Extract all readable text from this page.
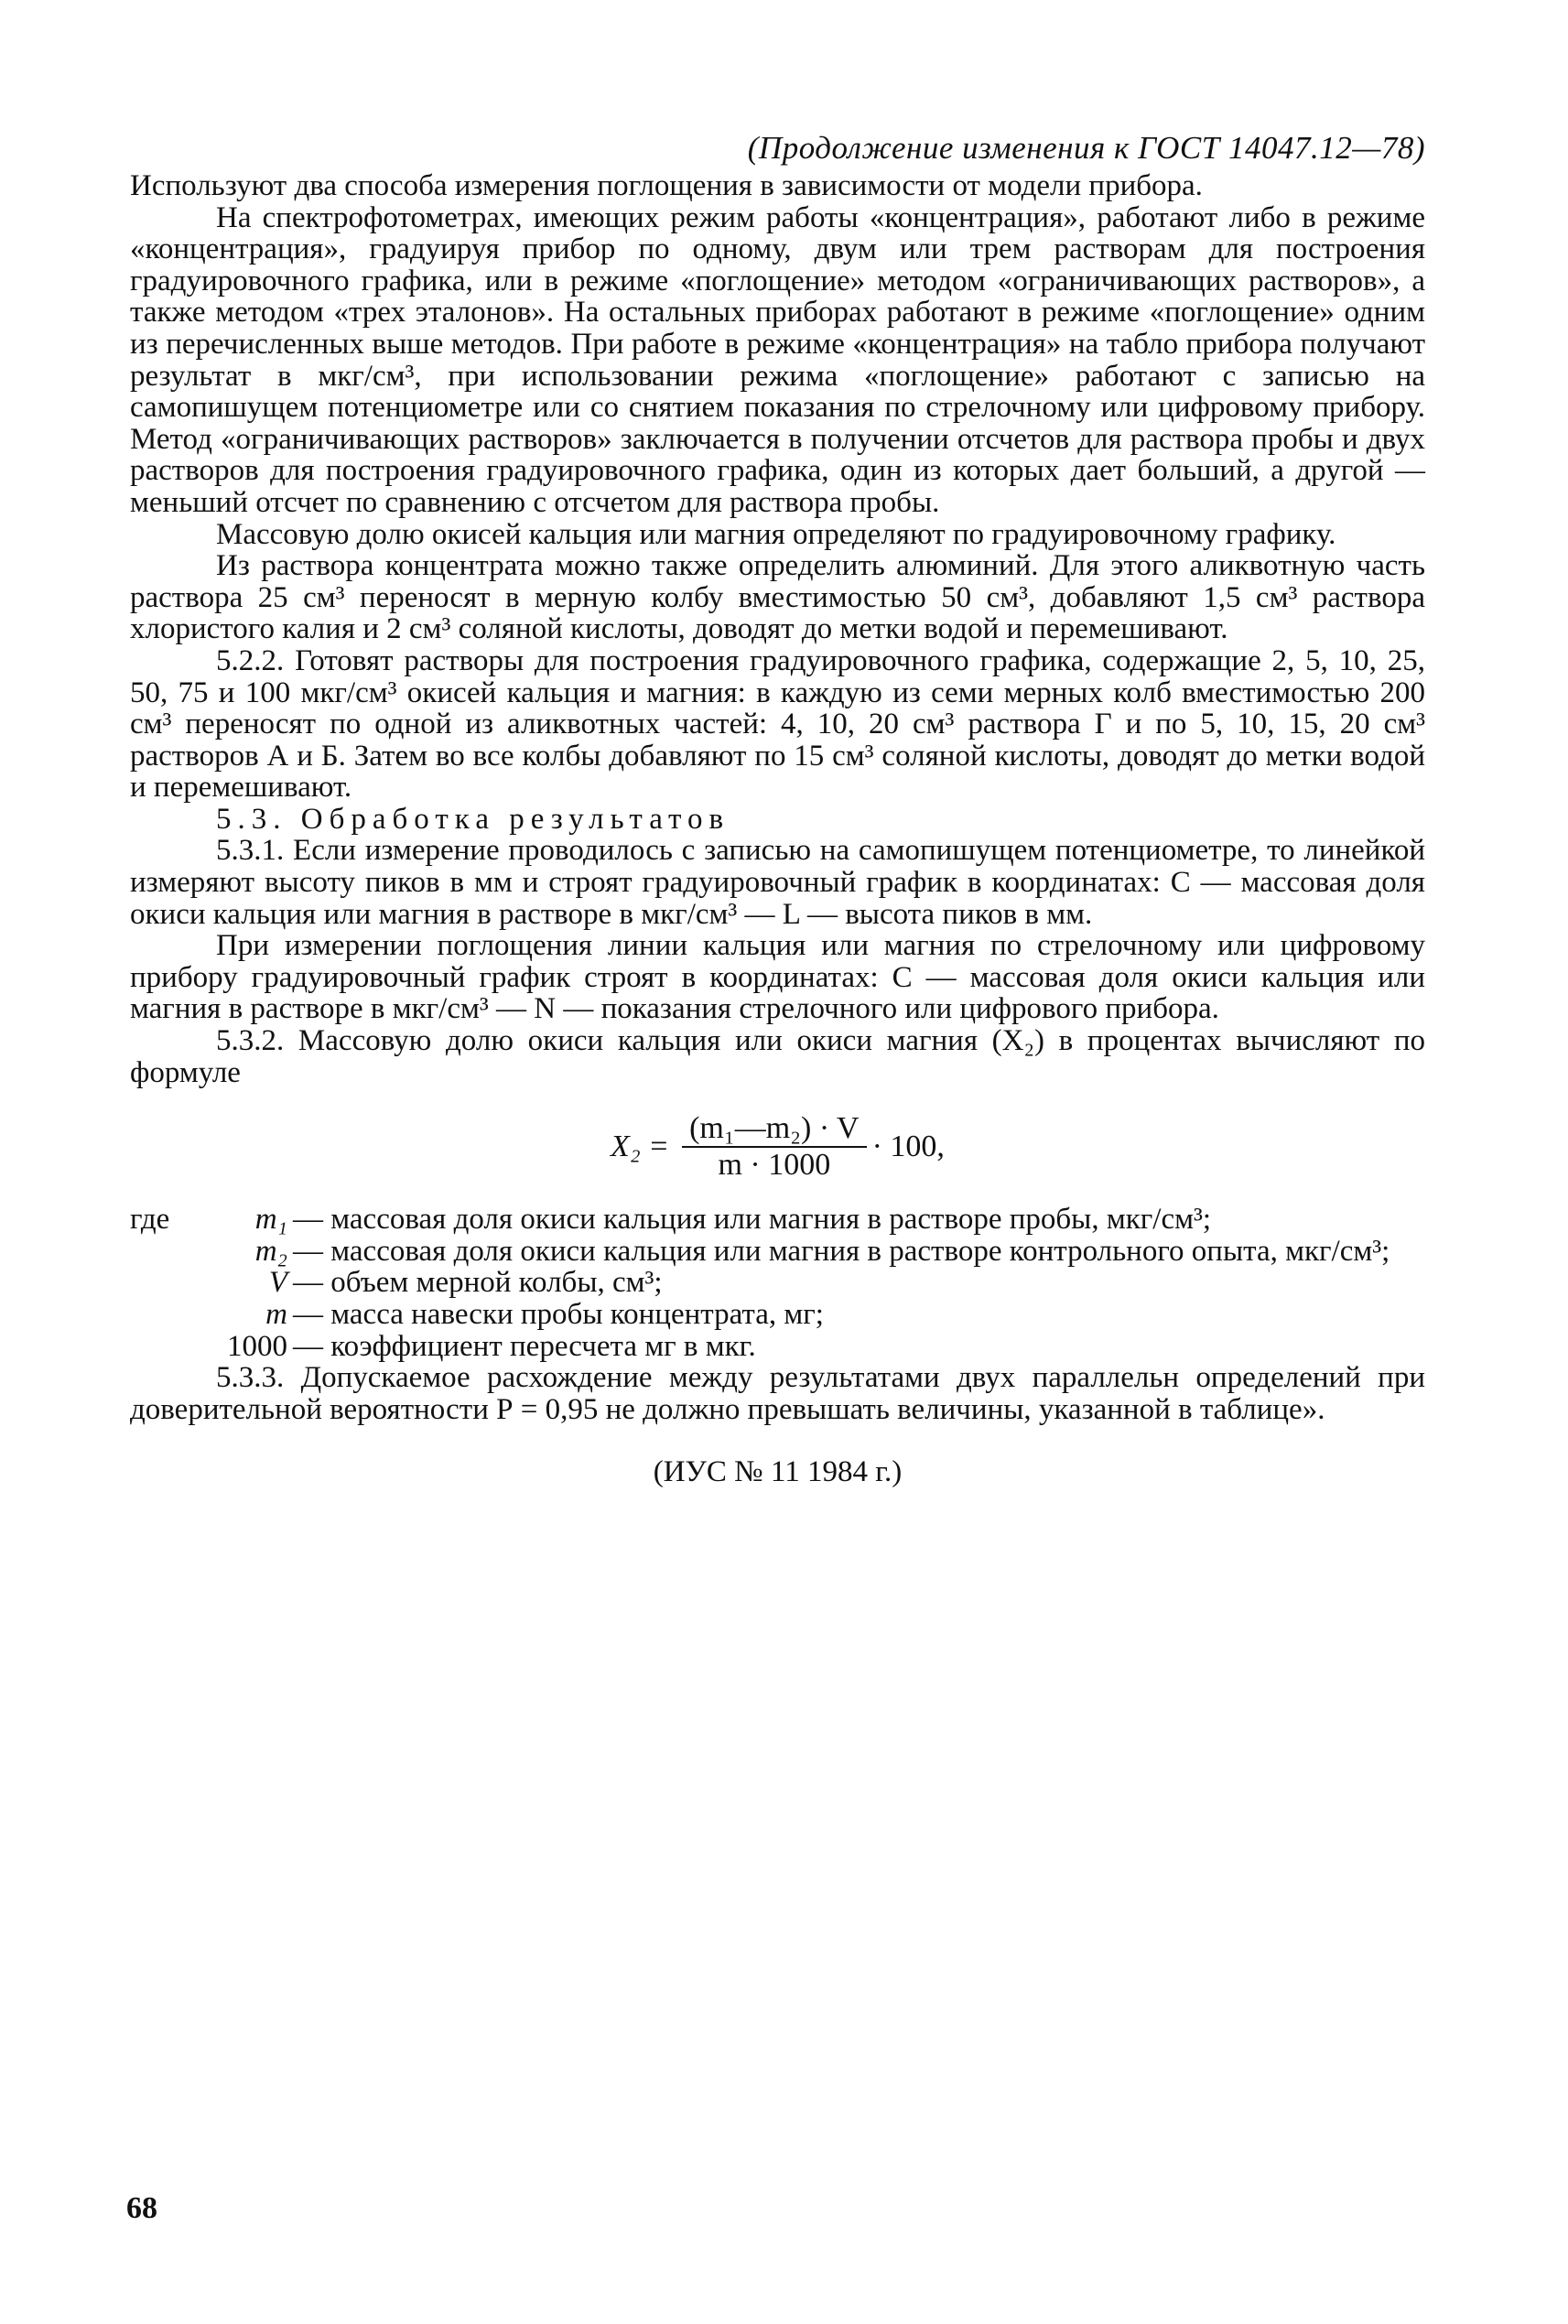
(Продолжение изменения к ГОСТ 14047.12—78)

Используют два способа измерения поглощения в зависимости от модели прибора.

На спектрофотометрах, имеющих режим работы «концентрация», работают либо в режиме «концентрация», градуируя прибор по одному, двум или трем растворам для построения градуировочного графика, или в режиме «поглощение» методом «ограничивающих растворов», а также методом «трех эталонов». На остальных приборах работают в режиме «поглощение» одним из перечисленных выше методов. При работе в режиме «концентрация» на табло прибора получают результат в мкг/см³, при использовании режима «поглощение» работают с записью на самопишущем потенциометре или со снятием показания по стрелочному или цифровому прибору. Метод «ограничивающих растворов» заключается в получении отсчетов для раствора пробы и двух растворов для построения градуировочного графика, один из которых дает больший, а другой — меньший отсчет по сравнению с отсчетом для раствора пробы.

Массовую долю окисей кальция или магния определяют по градуировочному графику.

Из раствора концентрата можно также определить алюминий. Для этого аликвотную часть раствора 25 см³ переносят в мерную колбу вместимостью 50 см³, добавляют 1,5 см³ раствора хлористого калия и 2 см³ соляной кислоты, доводят до метки водой и перемешивают.

5.2.2. Готовят растворы для построения градуировочного графика, содержащие 2, 5, 10, 25, 50, 75 и 100 мкг/см³ окисей кальция и магния: в каждую из семи мерных колб вместимостью 200 см³ переносят по одной из аликвотных частей: 4, 10, 20 см³ раствора Г и по 5, 10, 15, 20 см³ растворов А и Б. Затем во все колбы добавляют по 15 см³ соляной кислоты, доводят до метки водой и перемешивают.

5.3. Обработка результатов

5.3.1. Если измерение проводилось с записью на самопишущем потенциометре, то линейкой измеряют высоту пиков в мм и строят градуировочный график в координатах: С — массовая доля окиси кальция или магния в растворе в мкг/см³ — L — высота пиков в мм.

При измерении поглощения линии кальция или магния по стрелочному или цифровому прибору градуировочный график строят в координатах: С — массовая доля окиси кальция или магния в растворе в мкг/см³ — N — показания стрелочного или цифрового прибора.

5.3.2. Массовую долю окиси кальция или окиси магния (X₂) в процентах вычисляют по формуле

$X_2 = \frac{\text{(m₁—m₂) · V}}{m \cdot 1000} \cdot 100$,
где	m₁ — массовая доля окиси кальция или магния в растворе пробы, мкг/см³;
m₂ — массовая доля окиси кальция или магния в растворе контрольного опыта, мкг/см³;
V — объем мерной колбы, см³;
m — масса навески пробы концентрата, мг;
1000 — коэффициент пересчета мг в мкг.

5.3.3. Допускаемое расхождение между результатами двух параллельн определений при доверительной вероятности Р = 0,95 не должно превышать величины, указанной в таблице».

(ИУС № 11 1984 г.)
68
